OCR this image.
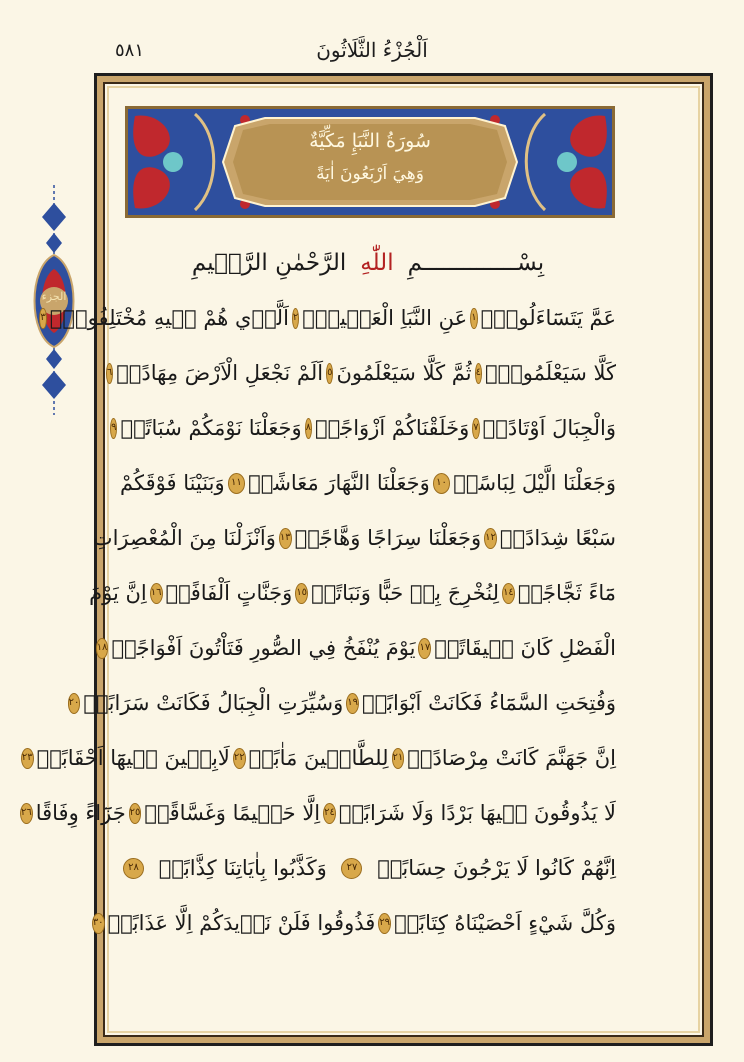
اَلْجُزْءُ الثَّلَاثُونَ
٥٨١
الجزء
سُورَةُ النَّبَإِ مَكِّيَّةٌ
وَهِيَ اَرْبَعُونَ اٰيَةً
بِسْــــــــــــــمِ
اللّٰهِ
الرَّحْمٰنِ الرَّح۪يمِ
عَمَّ يَتَسَٓاءَلُونَۚ
١
عَنِ النَّبَاِ الْعَظ۪يمِۙ
٢
اَلَّذ۪ي هُمْ ف۪يهِ مُخْتَلِفُونَۜ
٣
كَلَّا سَيَعْلَمُونَۙ
٤
ثُمَّ كَلَّا سَيَعْلَمُونَ
٥
اَلَمْ نَجْعَلِ الْاَرْضَ مِهَادًاۙ
٦
وَالْجِبَالَ اَوْتَادًاۖ
٧
وَخَلَقْنَاكُمْ اَزْوَاجًاۙ
٨
وَجَعَلْنَا نَوْمَكُمْ سُبَاتًاۙ
٩
وَجَعَلْنَا الَّيْلَ لِبَاسًاۙ
١٠
وَجَعَلْنَا النَّهَارَ مَعَاشًاۖ
١١
وَبَنَيْنَا فَوْقَكُمْ
سَبْعًا شِدَادًاۙ
١٢
وَجَعَلْنَا سِرَاجًا وَهَّاجًاۖ
١٣
وَاَنْزَلْنَا مِنَ الْمُعْصِرَاتِ
مَٓاءً ثَجَّاجًاۙ
١٤
لِنُخْرِجَ بِه۪ حَبًّا وَنَبَاتًاۙ
١٥
وَجَنَّاتٍ اَلْفَافًاۜ
١٦
اِنَّ يَوْمَ
الْفَصْلِ كَانَ م۪يقَاتًاۙ
١٧
يَوْمَ يُنْفَخُ فِي الصُّورِ فَتَاْتُونَ اَفْوَاجًاۙ
١٨
وَفُتِحَتِ السَّمَٓاءُ فَكَانَتْ اَبْوَابًاۙ
١٩
وَسُيِّرَتِ الْجِبَالُ فَكَانَتْ سَرَابًاۜ
٢٠
اِنَّ جَهَنَّمَ كَانَتْ مِرْصَادًاۙ
٢١
لِلطَّاغ۪ينَ مَاٰبًاۙ
٢٢
لَابِث۪ينَ ف۪يهَٓا اَحْقَابًاۚ
٢٣
لَا يَذُوقُونَ ف۪يهَا بَرْدًا وَلَا شَرَابًاۙ
٢٤
اِلَّا حَم۪يمًا وَغَسَّاقًاۙ
٢٥
جَزَٓاءً وِفَاقًا
٢٦
اِنَّهُمْ كَانُوا لَا يَرْجُونَ حِسَابًاۙ
٢٧
وَكَذَّبُوا بِاٰيَاتِنَا كِذَّابًاۜ
٢٨
وَكُلَّ شَيْءٍ اَحْصَيْنَاهُ كِتَابًاۙ
٢٩
فَذُوقُوا فَلَنْ نَز۪يدَكُمْ اِلَّا عَذَابًاۚ
٣٠
